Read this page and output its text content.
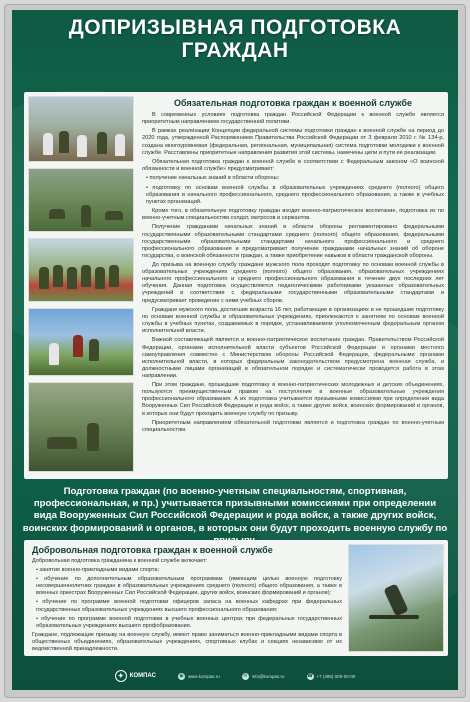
ДОПРИЗЫВНАЯ ПОДГОТОВКА
ГРАЖДАН
Обязательная подготовка граждан к военной службе

В современных условиях подготовка граждан Российской Федерации к военной службе является приоритетным направлением государственной политики.

В рамках реализации Концепции федеральной системы подготовки граждан к военной службе на период до 2020 года, утвержденной Распоряжением Правительства Российской Федерации от 3 февраля 2010 г. № 134-р, создана многоуровневая (федеральная, региональная, муниципальная) система подготовки молодежи к военной службе. Расставлены приоритетные направления развития этой системы, намечены цели и пути ее реализации.

Обязательная подготовка граждан к военной службе в соответствии с Федеральным законом «О воинской обязанности и военной службе» предусматривает:

• получение начальных знаний в области обороны;

• подготовку по основам военной службы в образовательных учреждениях среднего (полного) общего образования и начального профессионального, среднего профессионального образования, а также в учебных пунктах организаций.

Кроме того, в обязательную подготовку граждан входит военно-патриотическое воспитание, подготовка их по военно-учетным специальностям солдат, матросов и сержантов.

Получение гражданами начальных знаний в области обороны регламентировано федеральными государственными образовательными стандартами среднего (полного) общего образования, федеральными государственными образовательными стандартами начального профессионального и среднего профессионального образования и предусматривает получение гражданами начальных знаний об обороне государства, о воинской обязанности граждан, а также приобретение навыков в области гражданской обороны.

До призыва на военную службу граждане мужского пола проходят подготовку по основам военной службы в образовательных учреждениях среднего (полного) общего образования, образовательных учреждениях начального профессионального и среднего профессионального образования в течение двух последних лет обучения. Данная подготовка осуществляется педагогическими работниками указанных образовательных учреждений в соответствии с федеральными государственными образовательными стандартами и предусматривает проведение с ними учебных сборов.

Граждане мужского пола, достигшие возраста 16 лет, работающие в организациях и не прошедшие подготовку по основам военной службы в образовательных учреждениях, приолюкаются к занятиям по основам военной службы в учебных пунктах, создаваемых в порядке, устанавливаемом уполномоченным федеральным органом исполнительной власти.

Важной составляющей является и военно-патриотическое воспитание граждан. Правительством Российской Федерации, органами исполнительной власти субъектов Российской Федерации и органами местного самоуправления совместно с Министерством обороны Российской Федерации, федеральными органами исполнительной власти, в которых федеральным законодательством предусмотрена военная служба, и должностными лицами организаций в обязательном порядке и систематически проводится работа в этом направлении.

При этом граждане, прошедшие подготовку в военно-патриотических молодежных и детских объединениях, пользуются преимущественным правом на поступление в военные образовательные учреждения профессионального образования. А их подготовка учитывается призывными комиссиями при определении вида Вооруженных Сил Российской Федерации и рода войск, а также других войск, воинских формирований и органов, в которых они будут проходить военную службу по призыву.

Приоритетным направлением обязательной подготовки является и подготовка граждан по военно-учетным специальностям.

Подготовка граждан (по военно-учетным специальностям, спортивная, профессиональная, и пр.) учитывается призывными комиссиями при определении вида Вооруженных Сил Российской Федерации и рода войск, а также других войск, воинских формирований и органов, в которых они будут проходить военную службу по
Добровольная подготовка граждан к военной службе

Добровольная подготовка гражданина к военной службе включает:

• занятие военно-прикладными видами спорта;

• обучение по дополнительным образовательным программам (имеющим целью военную подготовку несовершеннолетних граждан в образовательных учреждениях среднего (полного) общего образования, а также в военных оркестрах Вооруженных Сил Российской Федерации, других войск, воинских формирований и органов);

• обучение по программе военной подготовки офицеров запаса на военных кафедрах при федеральных государственных образовательных учреждениях высшего профессионального образования;

• обучение по программе военной подготовки в учебных военных центрах при федеральных государственных образовательных учреждениях высшего профобразования.

Граждане, подлежащие призыву на военную службу, имеют право заниматься военно-прикладными видами спорта в общественных объединениях, образовательных учреждениях, спортивных клубах и секциях независимо от их ведомственной принадлежности.

✦	КОМПАС	◉ www.kompas.ru	✉ info@kompas.ru	☎ +7 (495) 000-00-00
